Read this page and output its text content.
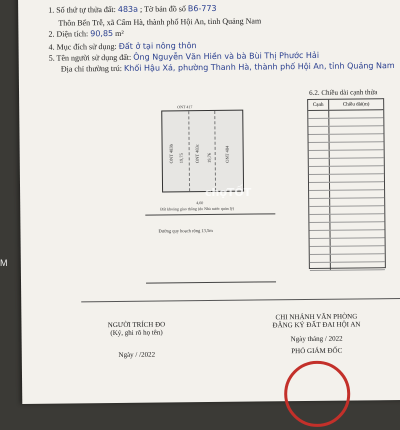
1. Số thứ tự thửa đất: 483a ; Tờ bản đồ số B6-773
Thôn Bến Trễ, xã Cẩm Hà, thành phố Hội An, tỉnh Quảng Nam
2. Diện tích: 90,85 m²
4. Mục đích sử dụng: Đất ở tại nông thôn
5. Tên người sử dụng đất: Ông Nguyễn Văn Hiền và bà Bùi Thị Phước Hải
Địa chỉ thường trú: Khối Hậu Xá, phường Thanh Hà, thành phố Hội An, tỉnh Quảng Nam
ONT 417
ONT 483b 19,75 ONT 483c 19,76	ONT 484
4,60
Đất khoảng giao thông (do Nhà nước quản lý)
Đường quy hoạch rộng 13,5m
6.2. Chiều dài cạnh thửa
Cạnh	Chiều dài(m)
NGƯỜI TRÍCH ĐO
(Ký, ghi rõ họ tên)
Ngày / /2022
CHI NHÁNH VĂN PHÒNG
ĐĂNG KÝ ĐẤT ĐAI HỘI AN
Ngày tháng / 2022
PHÓ GIÁM ĐỐC
chợTỐT
M
